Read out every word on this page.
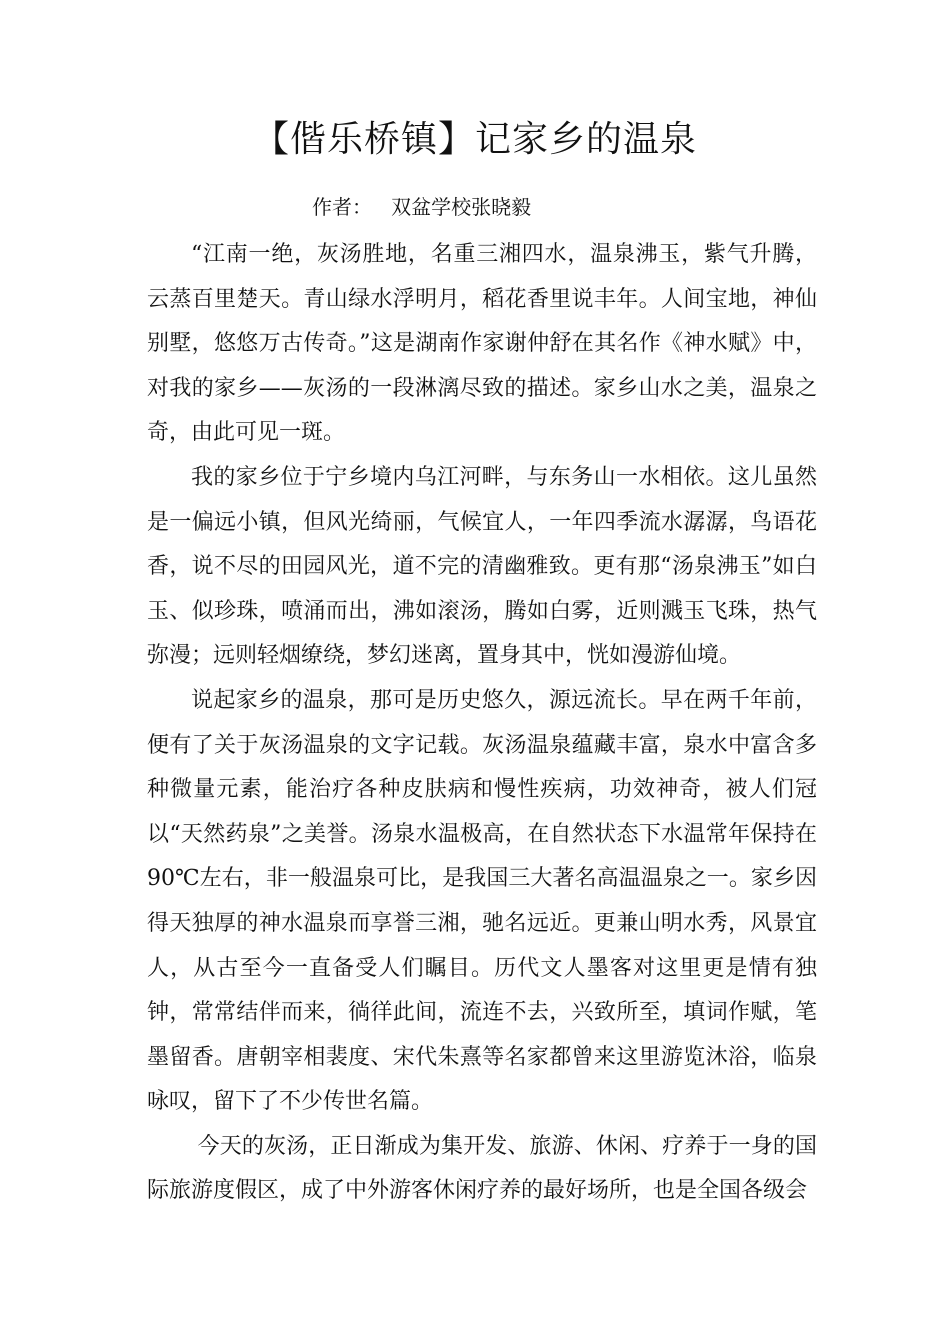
【偕乐桥镇】记家乡的温泉
作者：   双盆学校张晓毅

“江南一绝，灰汤胜地，名重三湘四水，温泉沸玉，紫气升腾，云蒸百里楚天。青山绿水浮明月，稻花香里说丰年。人间宝地，神仙别墅，悠悠万古传奇。”这是湖南作家谢仲舒在其名作《神水赋》中，对我的家乡——灰汤的一段淋漓尽致的描述。家乡山水之美，温泉之奇，由此可见一斑。

我的家乡位于宁乡境内乌江河畔，与东务山一水相依。这儿虽然是一偏远小镇，但风光绮丽，气候宜人，一年四季流水潺潺，鸟语花香，说不尽的田园风光，道不完的清幽雅致。更有那“汤泉沸玉”如白玉、似珍珠，喷涌而出，沸如滚汤，腾如白雾，近则溅玉飞珠，热气弥漫；远则轻烟缭绕，梦幻迷离，置身其中，恍如漫游仙境。

说起家乡的温泉，那可是历史悠久，源远流长。早在两千年前，便有了关于灰汤温泉的文字记载。灰汤温泉蕴藏丰富，泉水中富含多种微量元素，能治疗各种皮肤病和慢性疾病，功效神奇，被人们冠以“天然药泉”之美誉。汤泉水温极高，在自然状态下水温常年保持在90℃左右，非一般温泉可比，是我国三大著名高温温泉之一。家乡因得天独厚的神水温泉而享誉三湘，驰名远近。更兼山明水秀，风景宜人，从古至今一直备受人们瞩目。历代文人墨客对这里更是情有独钟，常常结伴而来，徜徉此间，流连不去，兴致所至，填词作赋，笔墨留香。唐朝宰相裴度、宋代朱熹等名家都曾来这里游览沐浴，临泉咏叹，留下了不少传世名篇。

今天的灰汤，正日渐成为集开发、旅游、休闲、疗养于一身的国际旅游度假区，成了中外游客休闲疗养的最好场所，也是全国各级会
